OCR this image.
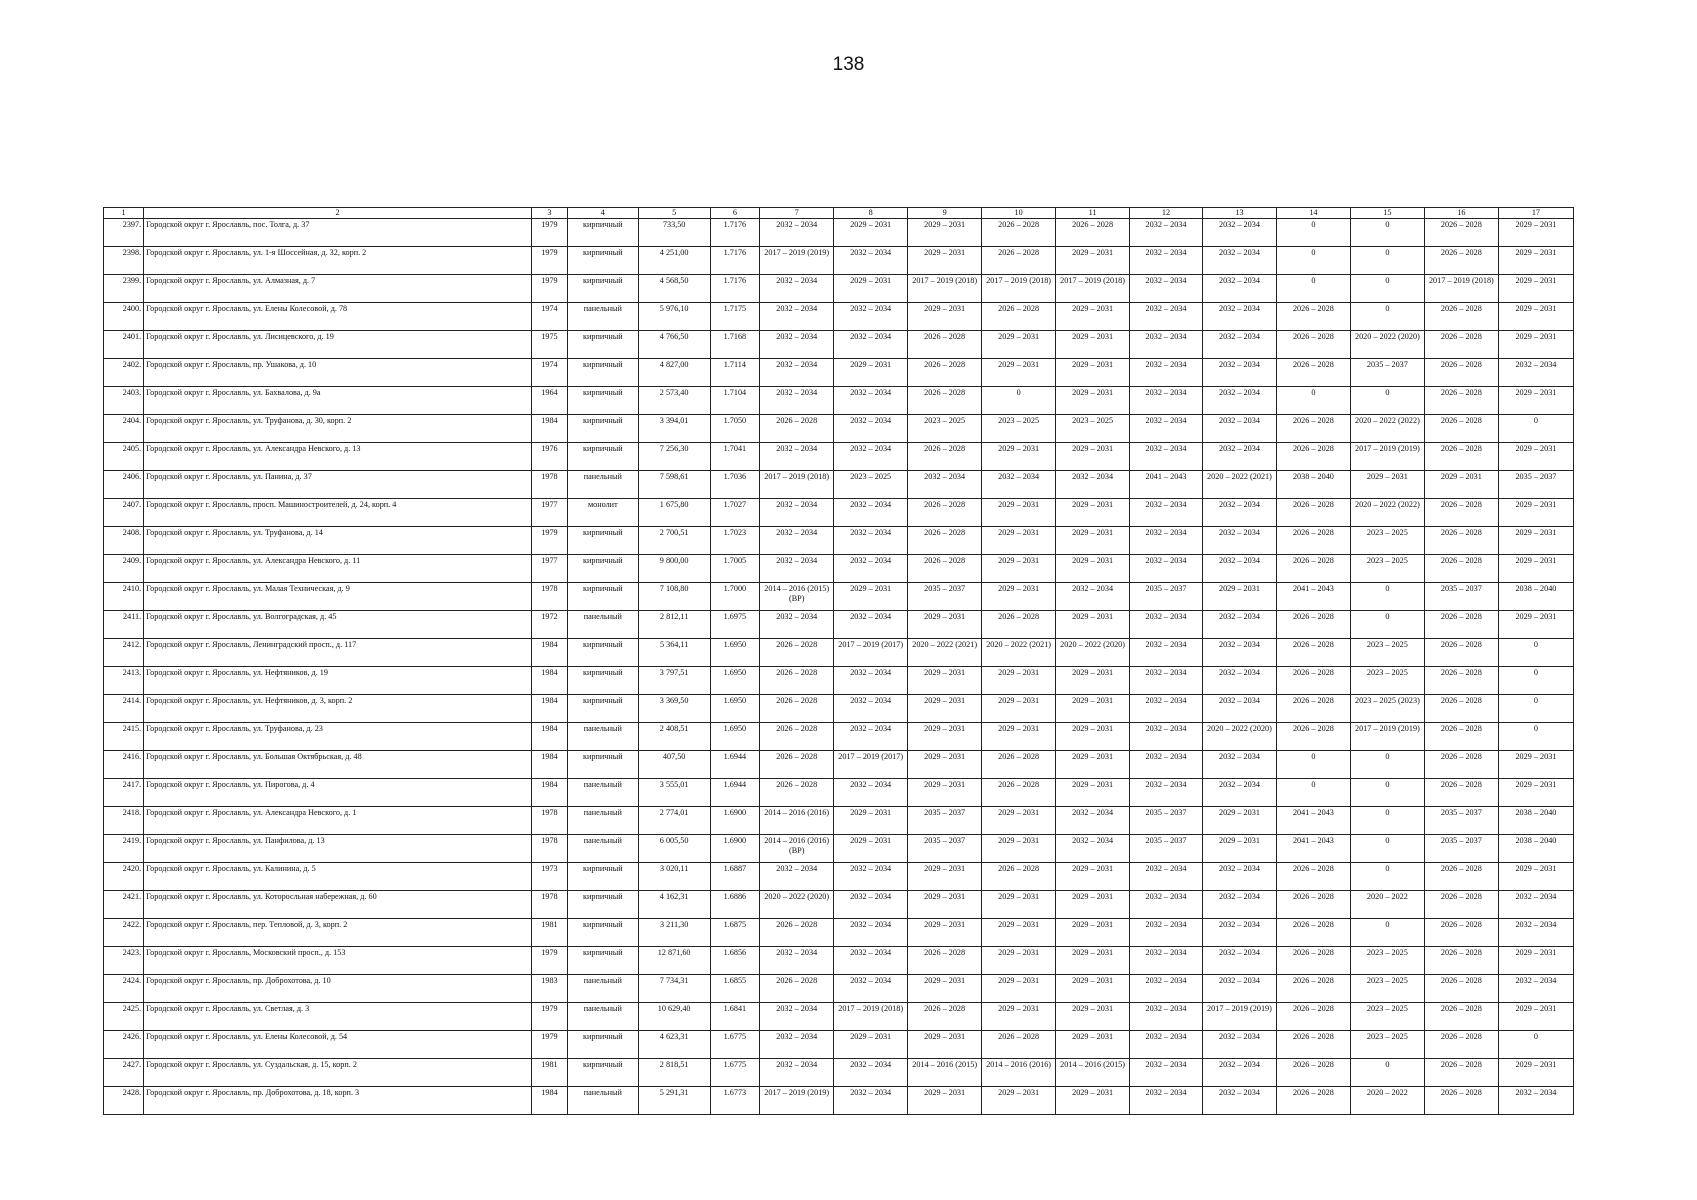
138
1	2	3	4	5	6	7	8	9	10	11	12	13	14	15	16	17
2397.	Городской округ г. Ярославль, пос. Толга, д. 37	1979	кирпичный	733,50	1.7176	2032 – 2034	2029 – 2031	2029 – 2031	2026 – 2028	2026 – 2028	2032 – 2034	2032 – 2034	0	0	2026 – 2028	2029 – 2031
2398.	Городской округ г. Ярославль, ул. 1-я Шоссейная, д. 32, корп. 2	1979	кирпичный	4 251,00	1.7176	2017 – 2019 (2019)	2032 – 2034	2029 – 2031	2026 – 2028	2029 – 2031	2032 – 2034	2032 – 2034	0	0	2026 – 2028	2029 – 2031
2399.	Городской округ г. Ярославль, ул. Алмазная, д. 7	1979	кирпичный	4 568,50	1.7176	2032 – 2034	2029 – 2031	2017 – 2019 (2018)	2017 – 2019 (2018)	2017 – 2019 (2018)	2032 – 2034	2032 – 2034	0	0	2017 – 2019 (2018)	2029 – 2031
2400.	Городской округ г. Ярославль, ул. Елены Колесовой, д. 78	1974	панельный	5 976,10	1.7175	2032 – 2034	2032 – 2034	2029 – 2031	2026 – 2028	2029 – 2031	2032 – 2034	2032 – 2034	2026 – 2028	0	2026 – 2028	2029 – 2031
2401.	Городской округ г. Ярославль, ул. Лисицевского, д. 19	1975	кирпичный	4 766,50	1.7168	2032 – 2034	2032 – 2034	2026 – 2028	2029 – 2031	2029 – 2031	2032 – 2034	2032 – 2034	2026 – 2028	2020 – 2022 (2020)	2026 – 2028	2029 – 2031
2402.	Городской округ г. Ярославль, пр. Ушакова, д. 10	1974	кирпичный	4 827,00	1.7114	2032 – 2034	2029 – 2031	2026 – 2028	2029 – 2031	2029 – 2031	2032 – 2034	2032 – 2034	2026 – 2028	2035 – 2037	2026 – 2028	2032 – 2034
2403.	Городской округ г. Ярославль, ул. Бахвалова, д. 9а	1964	кирпичный	2 573,40	1.7104	2032 – 2034	2032 – 2034	2026 – 2028	0	2029 – 2031	2032 – 2034	2032 – 2034	0	0	2026 – 2028	2029 – 2031
2404.	Городской округ г. Ярославль, ул. Труфанова, д. 30, корп. 2	1984	кирпичный	3 394,01	1.7050	2026 – 2028	2032 – 2034	2023 – 2025	2023 – 2025	2023 – 2025	2032 – 2034	2032 – 2034	2026 – 2028	2020 – 2022 (2022)	2026 – 2028	0
2405.	Городской округ г. Ярославль, ул. Александра Невского, д. 13	1976	кирпичный	7 256,30	1.7041	2032 – 2034	2032 – 2034	2026 – 2028	2029 – 2031	2029 – 2031	2032 – 2034	2032 – 2034	2026 – 2028	2017 – 2019 (2019)	2026 – 2028	2029 – 2031
2406.	Городской округ г. Ярославль, ул. Панина, д. 37	1978	панельный	7 598,61	1.7036	2017 – 2019 (2018)	2023 – 2025	2032 – 2034	2032 – 2034	2032 – 2034	2041 – 2043	2020 – 2022 (2021)	2038 – 2040	2029 – 2031	2029 – 2031	2035 – 2037
2407.	Городской округ г. Ярославль, просп. Машиностроителей, д. 24, корп. 4	1977	монолит	1 675,80	1.7027	2032 – 2034	2032 – 2034	2026 – 2028	2029 – 2031	2029 – 2031	2032 – 2034	2032 – 2034	2026 – 2028	2020 – 2022 (2022)	2026 – 2028	2029 – 2031
2408.	Городской округ г. Ярославль, ул. Труфанова, д. 14	1979	кирпичный	2 700,51	1.7023	2032 – 2034	2032 – 2034	2026 – 2028	2029 – 2031	2029 – 2031	2032 – 2034	2032 – 2034	2026 – 2028	2023 – 2025	2026 – 2028	2029 – 2031
2409.	Городской округ г. Ярославль, ул. Александра Невского, д. 11	1977	кирпичный	9 800,00	1.7005	2032 – 2034	2032 – 2034	2026 – 2028	2029 – 2031	2029 – 2031	2032 – 2034	2032 – 2034	2026 – 2028	2023 – 2025	2026 – 2028	2029 – 2031
2410.	Городской округ г. Ярославль, ул. Малая Техническая, д. 9	1978	кирпичный	7 108,80	1.7000	2014 – 2016 (2015) (ВР)	2029 – 2031	2035 – 2037	2029 – 2031	2032 – 2034	2035 – 2037	2029 – 2031	2041 – 2043	0	2035 – 2037	2038 – 2040
2411.	Городской округ г. Ярославль, ул. Волгоградская, д. 45	1972	панельный	2 812,11	1.6975	2032 – 2034	2032 – 2034	2029 – 2031	2026 – 2028	2029 – 2031	2032 – 2034	2032 – 2034	2026 – 2028	0	2026 – 2028	2029 – 2031
2412.	Городской округ г. Ярославль, Ленинградский просп., д. 117	1984	кирпичный	5 364,11	1.6950	2026 – 2028	2017 – 2019 (2017)	2020 – 2022 (2021)	2020 – 2022 (2021)	2020 – 2022 (2020)	2032 – 2034	2032 – 2034	2026 – 2028	2023 – 2025	2026 – 2028	0
2413.	Городской округ г. Ярославль, ул. Нефтяников, д. 19	1984	кирпичный	3 797,51	1.6950	2026 – 2028	2032 – 2034	2029 – 2031	2029 – 2031	2029 – 2031	2032 – 2034	2032 – 2034	2026 – 2028	2023 – 2025	2026 – 2028	0
2414.	Городской округ г. Ярославль, ул. Нефтяников, д. 3, корп. 2	1984	кирпичный	3 369,50	1.6950	2026 – 2028	2032 – 2034	2029 – 2031	2029 – 2031	2029 – 2031	2032 – 2034	2032 – 2034	2026 – 2028	2023 – 2025 (2023)	2026 – 2028	0
2415.	Городской округ г. Ярославль, ул. Труфанова, д. 23	1984	панельный	2 408,51	1.6950	2026 – 2028	2032 – 2034	2029 – 2031	2029 – 2031	2029 – 2031	2032 – 2034	2020 – 2022 (2020)	2026 – 2028	2017 – 2019 (2019)	2026 – 2028	0
2416.	Городской округ г. Ярославль, ул. Большая Октябрьская, д. 48	1984	кирпичный	407,50	1.6944	2026 – 2028	2017 – 2019 (2017)	2029 – 2031	2026 – 2028	2029 – 2031	2032 – 2034	2032 – 2034	0	0	2026 – 2028	2029 – 2031
2417.	Городской округ г. Ярославль, ул. Пирогова, д. 4	1984	панельный	3 555,01	1.6944	2026 – 2028	2032 – 2034	2029 – 2031	2026 – 2028	2029 – 2031	2032 – 2034	2032 – 2034	0	0	2026 – 2028	2029 – 2031
2418.	Городской округ г. Ярославль, ул. Александра Невского, д. 1	1978	панельный	2 774,01	1.6900	2014 – 2016 (2016)	2029 – 2031	2035 – 2037	2029 – 2031	2032 – 2034	2035 – 2037	2029 – 2031	2041 – 2043	0	2035 – 2037	2038 – 2040
2419.	Городской округ г. Ярославль, ул. Панфилова, д. 13	1978	панельный	6 005,50	1.6900	2014 – 2016 (2016) (ВР)	2029 – 2031	2035 – 2037	2029 – 2031	2032 – 2034	2035 – 2037	2029 – 2031	2041 – 2043	0	2035 – 2037	2038 – 2040
2420.	Городской округ г. Ярославль, ул. Калинина, д. 5	1973	кирпичный	3 020,11	1.6887	2032 – 2034	2032 – 2034	2029 – 2031	2026 – 2028	2029 – 2031	2032 – 2034	2032 – 2034	2026 – 2028	0	2026 – 2028	2029 – 2031
2421.	Городской округ г. Ярославль, ул. Которосльная набережная, д. 60	1978	кирпичный	4 162,31	1.6886	2020 – 2022 (2020)	2032 – 2034	2029 – 2031	2029 – 2031	2029 – 2031	2032 – 2034	2032 – 2034	2026 – 2028	2020 – 2022	2026 – 2028	2032 – 2034
2422.	Городской округ г. Ярославль, пер. Тепловой, д. 3, корп. 2	1981	кирпичный	3 211,30	1.6875	2026 – 2028	2032 – 2034	2029 – 2031	2029 – 2031	2029 – 2031	2032 – 2034	2032 – 2034	2026 – 2028	0	2026 – 2028	2032 – 2034
2423.	Городской округ г. Ярославль, Московский просп., д. 153	1979	кирпичный	12 871,60	1.6856	2032 – 2034	2032 – 2034	2026 – 2028	2029 – 2031	2029 – 2031	2032 – 2034	2032 – 2034	2026 – 2028	2023 – 2025	2026 – 2028	2029 – 2031
2424.	Городской округ г. Ярославль, пр. Доброхотова, д. 10	1983	панельный	7 734,31	1.6855	2026 – 2028	2032 – 2034	2029 – 2031	2029 – 2031	2029 – 2031	2032 – 2034	2032 – 2034	2026 – 2028	2023 – 2025	2026 – 2028	2032 – 2034
2425.	Городской округ г. Ярославль, ул. Светлая, д. 3	1979	панельный	10 629,40	1.6841	2032 – 2034	2017 – 2019 (2018)	2026 – 2028	2029 – 2031	2029 – 2031	2032 – 2034	2017 – 2019 (2019)	2026 – 2028	2023 – 2025	2026 – 2028	2029 – 2031
2426.	Городской округ г. Ярославль, ул. Елены Колесовой, д. 54	1979	кирпичный	4 623,31	1.6775	2032 – 2034	2029 – 2031	2029 – 2031	2026 – 2028	2029 – 2031	2032 – 2034	2032 – 2034	2026 – 2028	2023 – 2025	2026 – 2028	0
2427.	Городской округ г. Ярославль, ул. Суздальская, д. 15, корп. 2	1981	кирпичный	2 818,51	1.6775	2032 – 2034	2032 – 2034	2014 – 2016 (2015)	2014 – 2016 (2016)	2014 – 2016 (2015)	2032 – 2034	2032 – 2034	2026 – 2028	0	2026 – 2028	2029 – 2031
2428.	Городской округ г. Ярославль, пр. Доброхотова, д. 18, корп. 3	1984	панельный	5 291,31	1.6773	2017 – 2019 (2019)	2032 – 2034	2029 – 2031	2029 – 2031	2029 – 2031	2032 – 2034	2032 – 2034	2026 – 2028	2020 – 2022	2026 – 2028	2032 – 2034
